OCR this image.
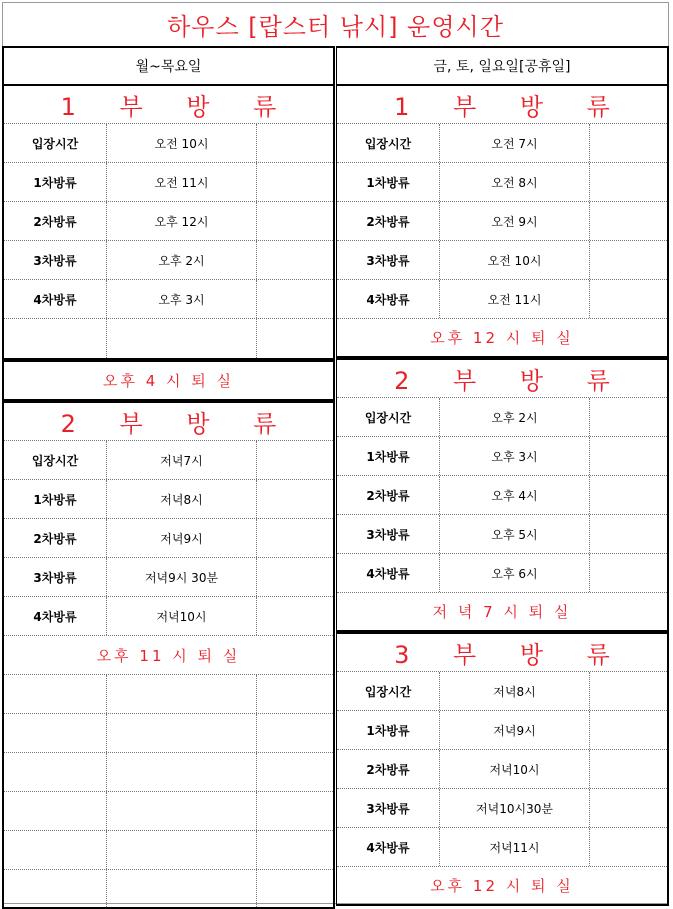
하우스 [랍스터 낚시] 운영시간
월~목요일
1 부 방 류
입장시간	오전 10시
1차방류	오전 11시
2차방류	오후 12시
3차방류	오후 2시
4차방류	오후 3시
오후 4 시 퇴 실
2 부 방 류
입장시간	저녁7시
1차방류	저녁8시
2차방류	저녁9시
3차방류	저녁9시 30분
4차방류	저녁10시
오후 11 시 퇴 실
금, 토, 일요일[공휴일]
1 부 방 류
입장시간	오전 7시
1차방류	오전 8시
2차방류	오전 9시
3차방류	오전 10시
4차방류	오전 11시
오후 12 시 퇴 실
2 부 방 류
입장시간	오후 2시
1차방류	오후 3시
2차방류	오후 4시
3차방류	오후 5시
4차방류	오후 6시
저 녁 7 시 퇴 실
3 부 방 류
입장시간	저녁8시
1차방류	저녁9시
2차방류	저녁10시
3차방류	저녁10시30분
4차방류	저녁11시
오후 12 시 퇴 실
